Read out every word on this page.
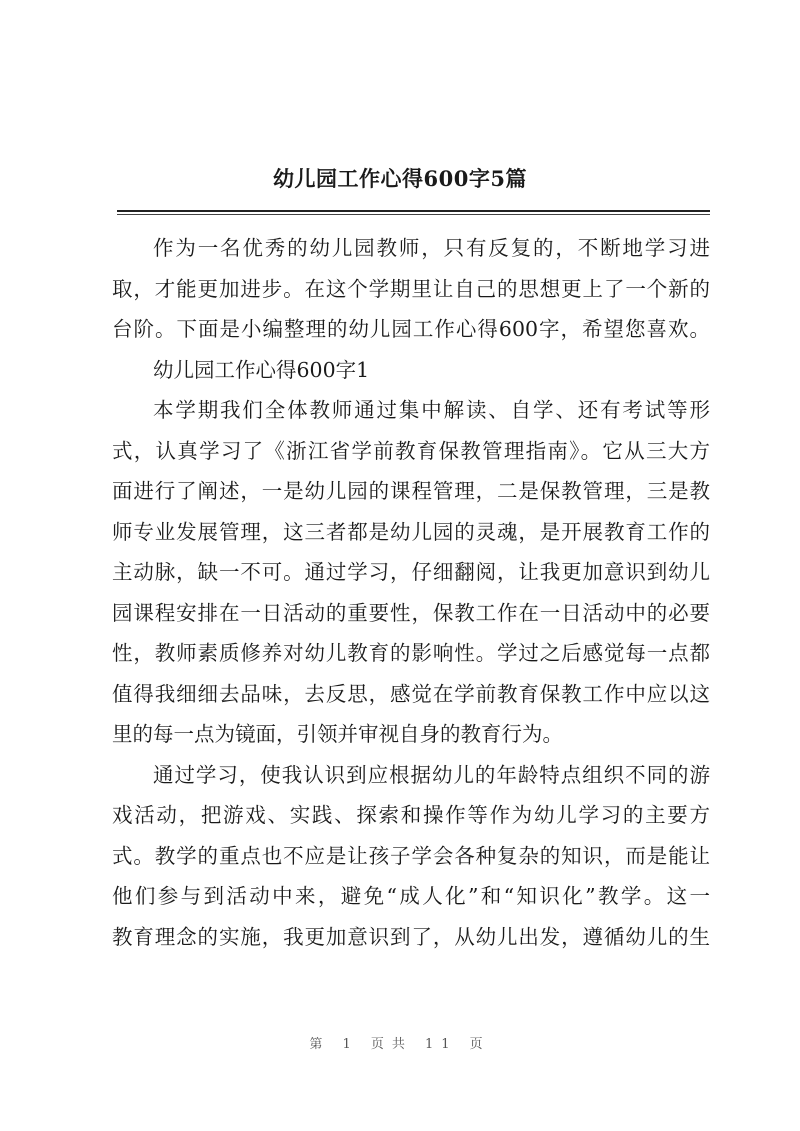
幼儿园工作心得600字5篇
作为一名优秀的幼儿园教师，只有反复的，不断地学习进
取，才能更加进步。在这个学期里让自己的思想更上了一个新的
台阶。下面是小编整理的幼儿园工作心得600字，希望您喜欢。
幼儿园工作心得600字1
本学期我们全体教师通过集中解读、自学、还有考试等形
式，认真学习了《浙江省学前教育保教管理指南》。它从三大方
面进行了阐述，一是幼儿园的课程管理，二是保教管理，三是教
师专业发展管理，这三者都是幼儿园的灵魂，是开展教育工作的
主动脉，缺一不可。通过学习，仔细翻阅，让我更加意识到幼儿
园课程安排在一日活动的重要性，保教工作在一日活动中的必要
性，教师素质修养对幼儿教育的影响性。学过之后感觉每一点都
值得我细细去品味，去反思，感觉在学前教育保教工作中应以这
里的每一点为镜面，引领并审视自身的教育行为。
通过学习，使我认识到应根据幼儿的年龄特点组织不同的游
戏活动，把游戏、实践、探索和操作等作为幼儿学习的主要方
式。教学的重点也不应是让孩子学会各种复杂的知识，而是能让
他们参与到活动中来，避免“成人化”和“知识化”教学。这一
教育理念的实施，我更加意识到了，从幼儿出发，遵循幼儿的生
第 1 页共 11 页
